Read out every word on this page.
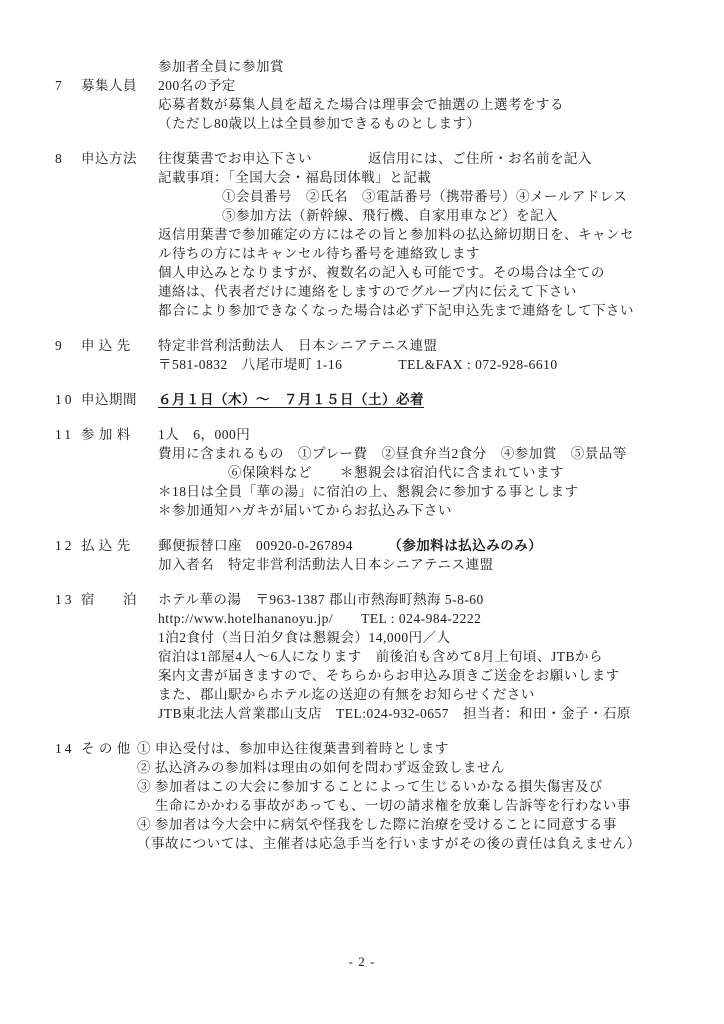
参加者全員に参加賞
7	募集人員	200名の予定
応募者数が募集人員を超えた場合は理事会で抽選の上選考をする
（ただし80歳以上は全員参加できるものとします）
8	申込方法	往復葉書でお申込下さい　　　　返信用には、ご住所・お名前を記入
記載事項：「全国大会・福島団体戦」と記載
①会員番号　②氏名　③電話番号（携帯番号）④メールアドレス
⑤参加方法（新幹線、飛行機、自家用車など）を記入
返信用葉書で参加確定の方にはその旨と参加料の払込締切期日を、キャンセ
ル待ちの方にはキャンセル待ち番号を連絡致します
個人申込みとなりますが、複数名の記入も可能です。その場合は全ての
連絡は、代表者だけに連絡をしますのでグループ内に伝えて下さい
都合により参加できなくなった場合は必ず下記申込先まで連絡をして下さい
9	申 込 先	特定非営利活動法人　日本シニアテニス連盟
〒581-0832　八尾市堤町 1-16　　　　TEL&FAX : 072-928-6610
10 申込期間	６月１日（木）～　７月１５日（土）必着
11 参 加 料	1人　6，000円
費用に含まれるもの　①プレー費　②昼食弁当2食分　④参加賞　⑤景品等
⑥保険料など　　＊懇親会は宿泊代に含まれています
＊18日は全員「華の湯」に宿泊の上、懇親会に参加する事とします
＊参加通知ハガキが届いてからお払込み下さい
12 払 込 先	郵便振替口座　00920-0-267894　　　（参加料は払込みのみ）
加入者名　特定非営利活動法人日本シニアテニス連盟
13 宿　　泊	ホテル華の湯　〒963-1387 郡山市熱海町熱海 5-8-60
http://www.hotelhananoyu.jp/　　TEL : 024-984-2222
1泊2食付（当日泊夕食は懇親会）14,000円／人
宿泊は1部屋4人～6人になります　前後泊も含めて8月上旬頃、JTBから
案内文書が届きますので、そちらからお申込み頂きご送金をお願いします
また、郡山駅からホテル迄の送迎の有無をお知らせください
JTB東北法人営業郡山支店　TEL:024-932-0657　担当者：和田・金子・石原
14 そ の 他 ① 申込受付は、参加申込往復葉書到着時とします
② 払込済みの参加料は理由の如何を問わず返金致しません
③ 参加者はこの大会に参加することによって生じるいかなる損失傷害及び
生命にかかわる事故があっても、一切の請求権を放棄し告訴等を行わない事
④ 参加者は今大会中に病気や怪我をした際に治療を受けることに同意する事
（事故については、主催者は応急手当を行いますがその後の責任は負えません）
- 2 -
